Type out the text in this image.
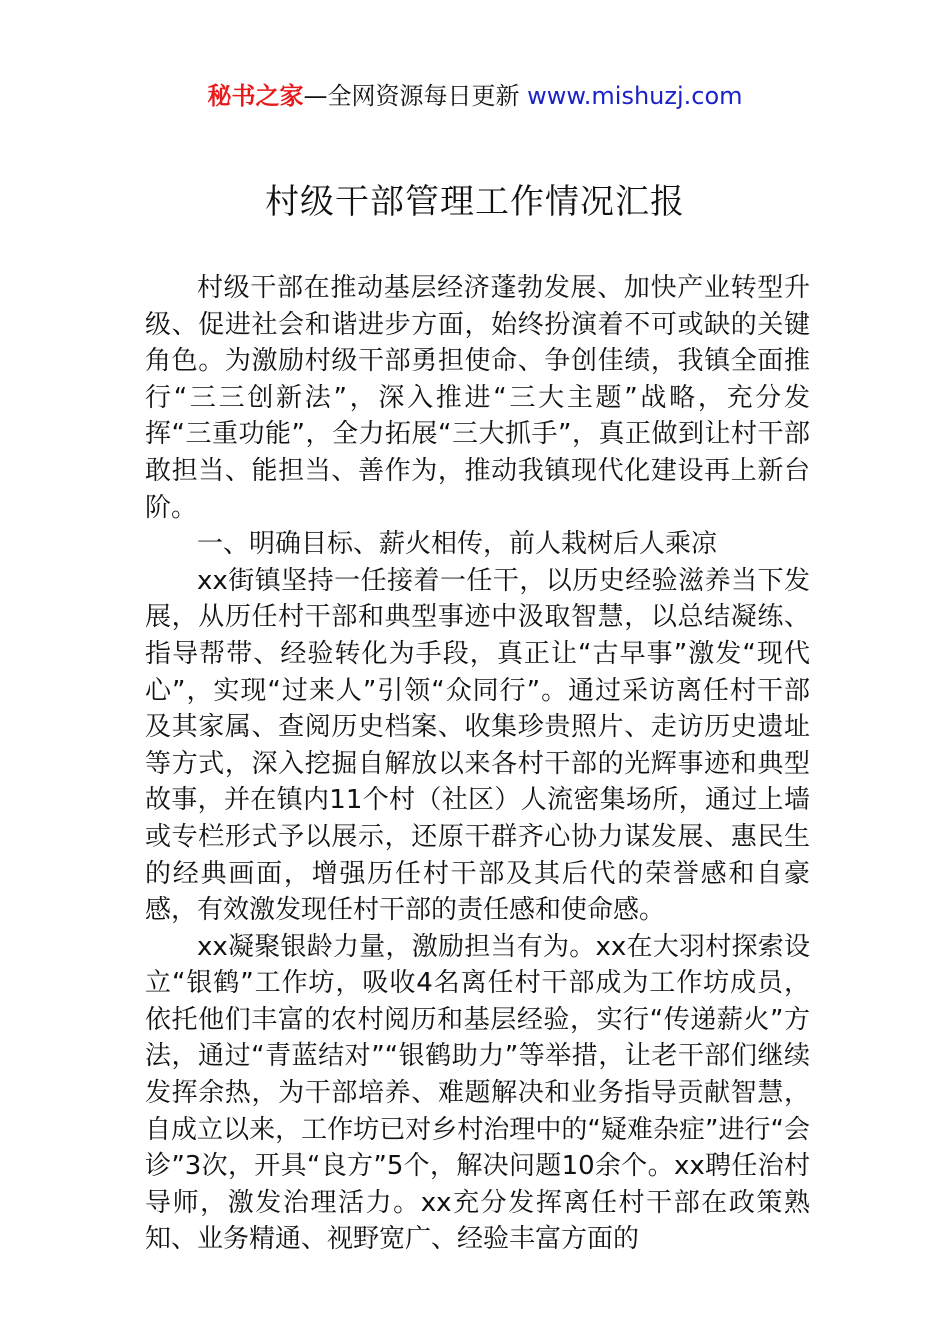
秘书之家—全网资源每日更新 www.mishuzj.com
村级干部管理工作情况汇报

村级干部在推动基层经济蓬勃发展、加快产业转型升级、促进社会和谐进步方面，始终扮演着不可或缺的关键角色。为激励村级干部勇担使命、争创佳绩，我镇全面推行“三三创新法”，深入推进“三大主题”战略，充分发挥“三重功能”，全力拓展“三大抓手”，真正做到让村干部敢担当、能担当、善作为，推动我镇现代化建设再上新台阶。

一、明确目标、薪火相传，前人栽树后人乘凉

xx街镇坚持一任接着一任干，以历史经验滋养当下发展，从历任村干部和典型事迹中汲取智慧，以总结凝练、指导帮带、经验转化为手段，真正让“古早事”激发“现代心”，实现“过来人”引领“众同行”。通过采访离任村干部及其家属、查阅历史档案、收集珍贵照片、走访历史遗址等方式，深入挖掘自解放以来各村干部的光辉事迹和典型故事，并在镇内11个村（社区）人流密集场所，通过上墙或专栏形式予以展示，还原干群齐心协力谋发展、惠民生的经典画面，增强历任村干部及其后代的荣誉感和自豪感，有效激发现任村干部的责任感和使命感。

xx凝聚银龄力量，激励担当有为。xx在大羽村探索设立“银鹤”工作坊，吸收4名离任村干部成为工作坊成员，依托他们丰富的农村阅历和基层经验，实行“传递薪火”方法，通过“青蓝结对”“银鹤助力”等举措，让老干部们继续发挥余热，为干部培养、难题解决和业务指导贡献智慧，自成立以来，工作坊已对乡村治理中的“疑难杂症”进行“会诊”3次，开具“良方”5个，解决问题10余个。xx聘任治村导师，激发治理活力。xx充分发挥离任村干部在政策熟知、业务精通、视野宽广、经验丰富方面的
